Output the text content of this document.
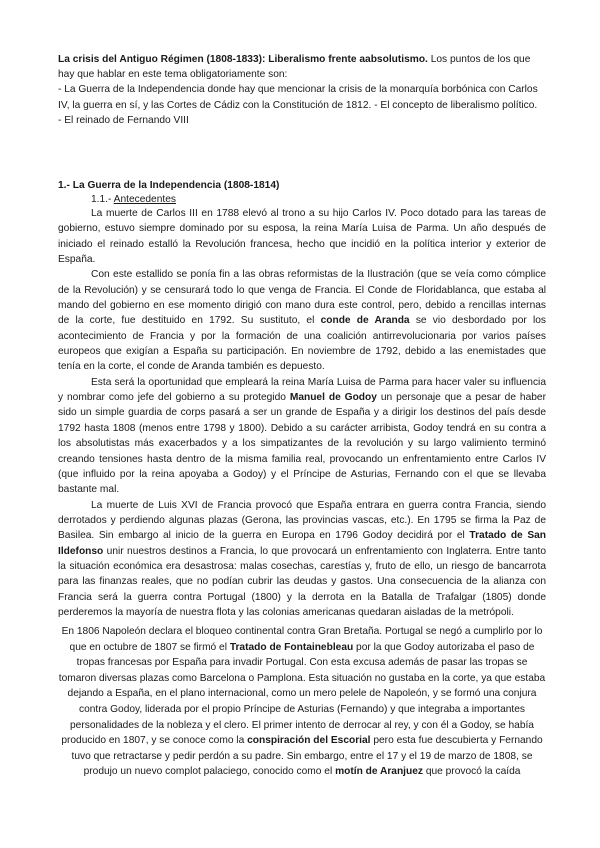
La crisis del Antiguo Régimen (1808-1833): Liberalismo frente aabsolutismo. Los puntos de los que hay que hablar en este tema obligatoriamente son:

- La Guerra de la Independencia donde hay que mencionar la crisis de la monarquía borbónica con Carlos IV, la guerra en sí, y las Cortes de Cádiz con la Constitución de 1812. - El concepto de liberalismo político.

- El reinado de Fernando VIII

1.- La Guerra de la Independencia (1808-1814)
1.1.- Antecedentes

La muerte de Carlos III en 1788 elevó al trono a su hijo Carlos IV. Poco dotado para las tareas de gobierno, estuvo siempre dominado por su esposa, la reina María Luisa de Parma. Un año después de iniciado el reinado estalló la Revolución francesa, hecho que incidió en la política interior y exterior de España.

Con este estallido se ponía fin a las obras reformistas de la Ilustración (que se veía como cómplice de la Revolución) y se censurará todo lo que venga de Francia. El Conde de Floridablanca, que estaba al mando del gobierno en ese momento dirigió con mano dura este control, pero, debido a rencillas internas de la corte, fue destituido en 1792. Su sustituto, el conde de Aranda se vio desbordado por los acontecimiento de Francia y por la formación de una coalición antirrevolucionaria por varios países europeos que exigían a España su participación. En noviembre de 1792, debido a las enemistades que tenía en la corte, el conde de Aranda también es depuesto.

Esta será la oportunidad que empleará la reina María Luisa de Parma para hacer valer su influencia y nombrar como jefe del gobierno a su protegido Manuel de Godoy un personaje que a pesar de haber sido un simple guardia de corps pasará a ser un grande de España y a dirigir los destinos del país desde 1792 hasta 1808 (menos entre 1798 y 1800). Debido a su carácter arribista, Godoy tendrá en su contra a los absolutistas más exacerbados y a los simpatizantes de la revolución y su largo valimiento terminó creando tensiones hasta dentro de la misma familia real, provocando un enfrentamiento entre Carlos IV (que influido por la reina apoyaba a Godoy) y el Príncipe de Asturias, Fernando con el que se llevaba bastante mal.

La muerte de Luis XVI de Francia provocó que España entrara en guerra contra Francia, siendo derrotados y perdiendo algunas plazas (Gerona, las provincias vascas, etc.). En 1795 se firma la Paz de Basilea. Sin embargo al inicio de la guerra en Europa en 1796 Godoy decidirá por el Tratado de San Ildefonso unir nuestros destinos a Francia, lo que provocará un enfrentamiento con Inglaterra. Entre tanto la situación económica era desastrosa: malas cosechas, carestías y, fruto de ello, un riesgo de bancarrota para las finanzas reales, que no podían cubrir las deudas y gastos. Una consecuencia de la alianza con Francia será la guerra contra Portugal (1800) y la derrota en la Batalla de Trafalgar (1805) donde perderemos la mayoría de nuestra flota y las colonias americanas quedaran aisladas de la metrópoli.

En 1806 Napoleón declara el bloqueo continental contra Gran Bretaña. Portugal se negó a cumplirlo por lo que en octubre de 1807 se firmó el Tratado de Fontainebleau por la que Godoy autorizaba el paso de tropas francesas por España para invadir Portugal. Con esta excusa además de pasar las tropas se tomaron diversas plazas como Barcelona o Pamplona. Esta situación no gustaba en la corte, ya que estaba dejando a España, en el plano internacional, como un mero pelele de Napoleón, y se formó una conjura contra Godoy, liderada por el propio Príncipe de Asturias (Fernando) y que integraba a importantes personalidades de la nobleza y el clero. El primer intento de derrocar al rey, y con él a Godoy, se había producido en 1807, y se conoce como la conspiración del Escorial pero esta fue descubierta y Fernando tuvo que retractarse y pedir perdón a su padre. Sin embargo, entre el 17 y el 19 de marzo de 1808, se produjo un nuevo complot palaciego, conocido como el motín de Aranjuez que provocó la caída
